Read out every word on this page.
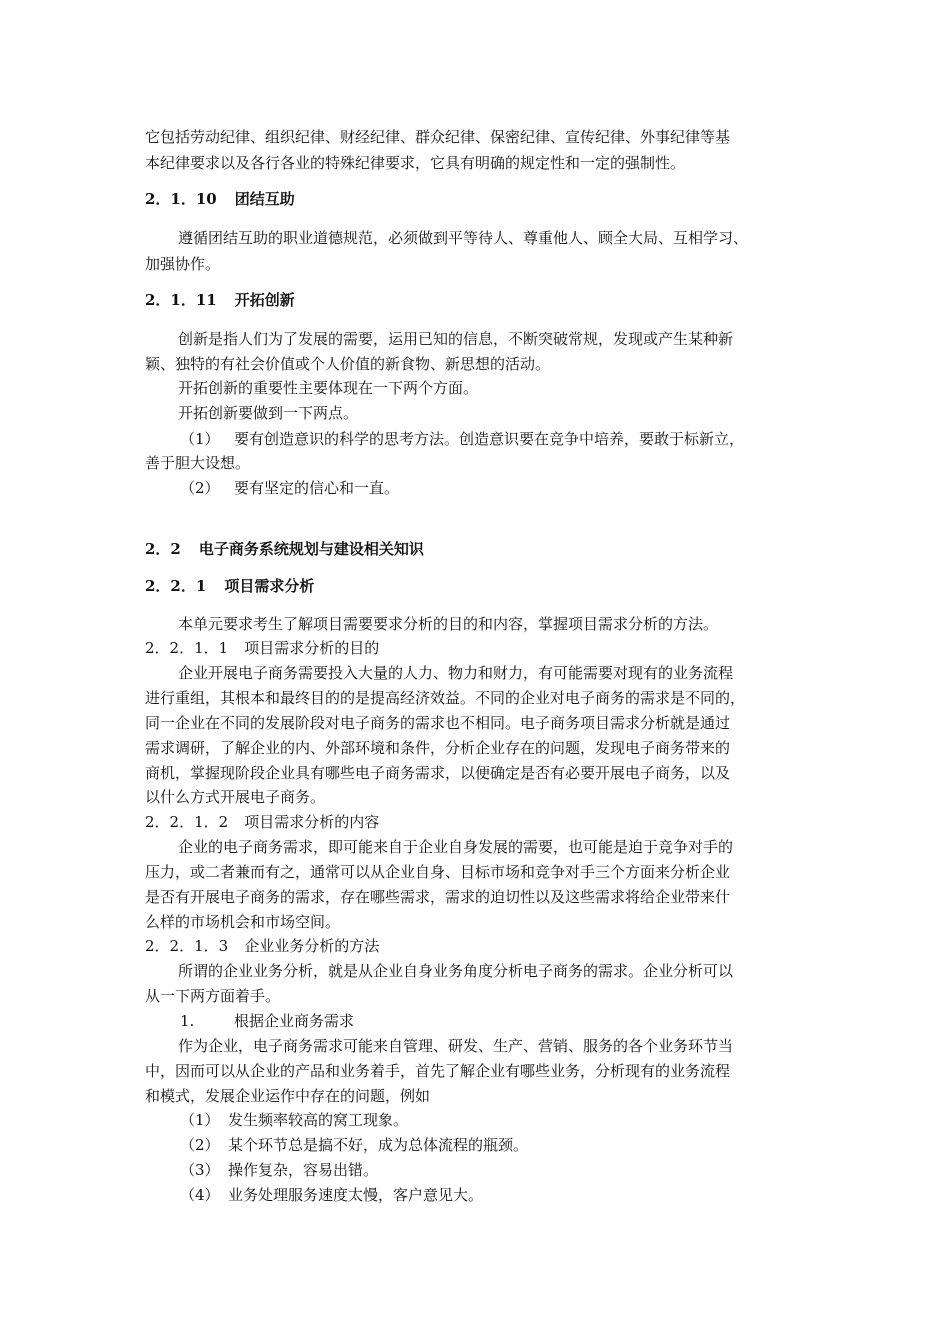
它包括劳动纪律、组织纪律、财经纪律、群众纪律、保密纪律、宣传纪律、外事纪律等基
本纪律要求以及各行各业的特殊纪律要求，它具有明确的规定性和一定的强制性。
2．1．10 团结互助
遵循团结互助的职业道德规范，必须做到平等待人、尊重他人、顾全大局、互相学习、
加强协作。
2．1．11 开拓创新
创新是指人们为了发展的需要，运用已知的信息，不断突破常规，发现或产生某种新
颖、独特的有社会价值或个人价值的新食物、新思想的活动。
开拓创新的重要性主要体现在一下两个方面。
开拓创新要做到一下两点。
（1） 要有创造意识的科学的思考方法。创造意识要在竞争中培养，要敢于标新立，
善于胆大设想。
（2） 要有坚定的信心和一直。
2．2 电子商务系统规划与建设相关知识
2．2．1 项目需求分析
本单元要求考生了解项目需要要求分析的目的和内容，掌握项目需求分析的方法。
2．2．1．1 项目需求分析的目的
企业开展电子商务需要投入大量的人力、物力和财力，有可能需要对现有的业务流程
进行重组，其根本和最终目的的是提高经济效益。不同的企业对电子商务的需求是不同的，
同一企业在不同的发展阶段对电子商务的需求也不相同。电子商务项目需求分析就是通过
需求调研，了解企业的内、外部环境和条件，分析企业存在的问题，发现电子商务带来的
商机，掌握现阶段企业具有哪些电子商务需求，以便确定是否有必要开展电子商务，以及
以什么方式开展电子商务。
2．2．1．2 项目需求分析的内容
企业的电子商务需求，即可能来自于企业自身发展的需要，也可能是迫于竞争对手的
压力，或二者兼而有之，通常可以从企业自身、目标市场和竞争对手三个方面来分析企业
是否有开展电子商务的需求，存在哪些需求，需求的迫切性以及这些需求将给企业带来什
么样的市场机会和市场空间。
2．2．1．3 企业业务分析的方法
所谓的企业业务分析，就是从企业自身业务角度分析电子商务的需求。企业分析可以
从一下两方面着手。
1.	根据企业商务需求
作为企业，电子商务需求可能来自管理、研发、生产、营销、服务的各个业务环节当
中，因而可以从企业的产品和业务着手，首先了解企业有哪些业务，分析现有的业务流程
和模式，发展企业运作中存在的问题，例如
（1） 发生频率较高的窝工现象。
（2） 某个环节总是搞不好，成为总体流程的瓶颈。
（3） 操作复杂，容易出错。
（4） 业务处理服务速度太慢，客户意见大。
